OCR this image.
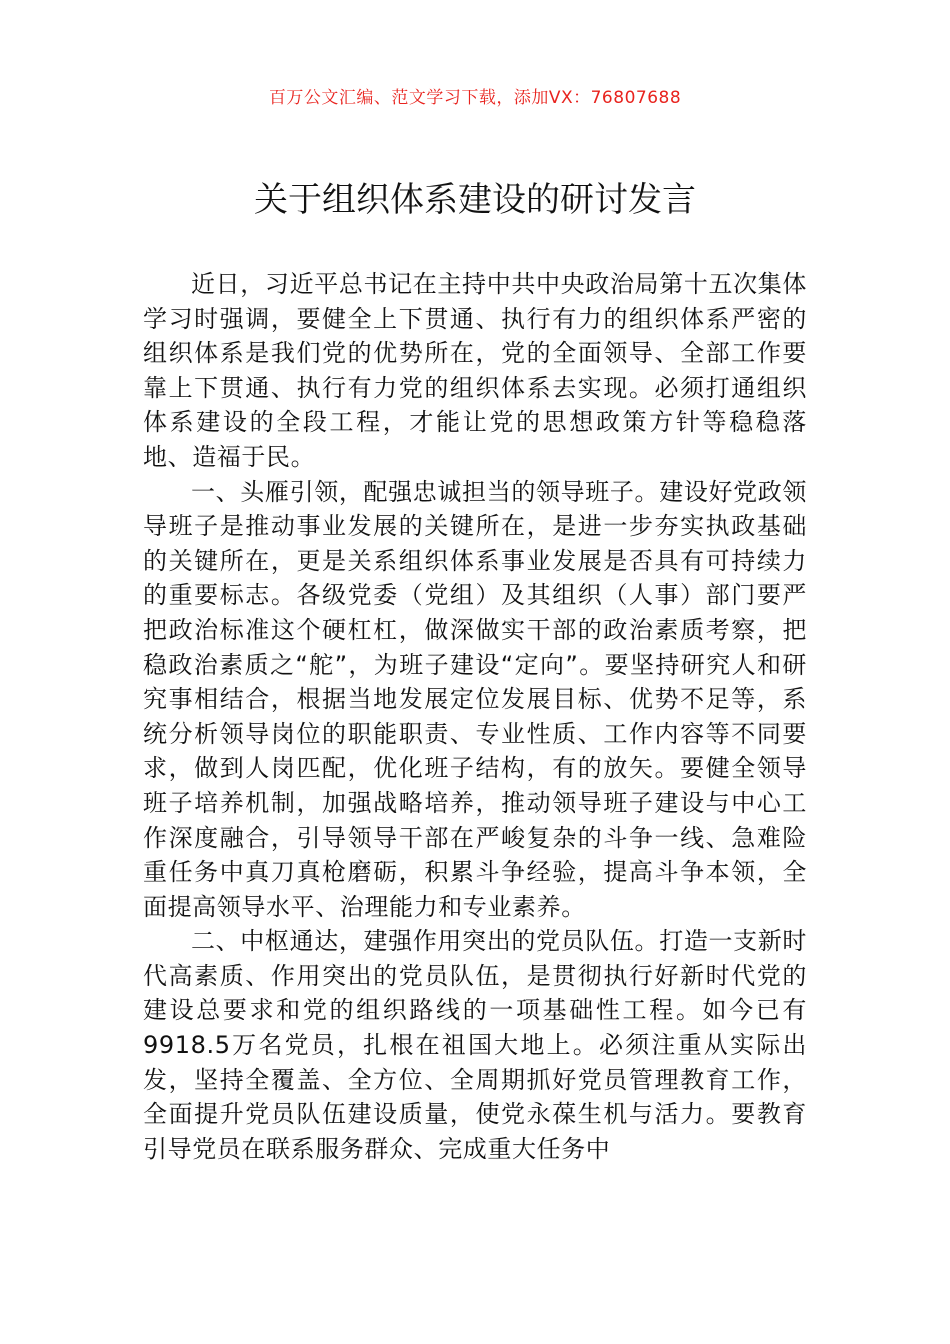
百万公文汇编、范文学习下载，添加VX：76807688
关于组织体系建设的研讨发言

近日，习近平总书记在主持中共中央政治局第十五次集体学习时强调，要健全上下贯通、执行有力的组织体系严密的组织体系是我们党的优势所在，党的全面领导、全部工作要靠上下贯通、执行有力党的组织体系去实现。必须打通组织体系建设的全段工程，才能让党的思想政策方针等稳稳落地、造福于民。

一、头雁引领，配强忠诚担当的领导班子。建设好党政领导班子是推动事业发展的关键所在，是进一步夯实执政基础的关键所在，更是关系组织体系事业发展是否具有可持续力的重要标志。各级党委（党组）及其组织（人事）部门要严把政治标准这个硬杠杠，做深做实干部的政治素质考察，把稳政治素质之“舵”，为班子建设“定向”。要坚持研究人和研究事相结合，根据当地发展定位发展目标、优势不足等，系统分析领导岗位的职能职责、专业性质、工作内容等不同要求，做到人岗匹配，优化班子结构，有的放矢。要健全领导班子培养机制，加强战略培养，推动领导班子建设与中心工作深度融合，引导领导干部在严峻复杂的斗争一线、急难险重任务中真刀真枪磨砺，积累斗争经验，提高斗争本领，全面提高领导水平、治理能力和专业素养。

二、中枢通达，建强作用突出的党员队伍。打造一支新时代高素质、作用突出的党员队伍，是贯彻执行好新时代党的建设总要求和党的组织路线的一项基础性工程。如今已有9918.5万名党员，扎根在祖国大地上。必须注重从实际出发，坚持全覆盖、全方位、全周期抓好党员管理教育工作，全面提升党员队伍建设质量，使党永葆生机与活力。要教育引导党员在联系服务群众、完成重大任务中
